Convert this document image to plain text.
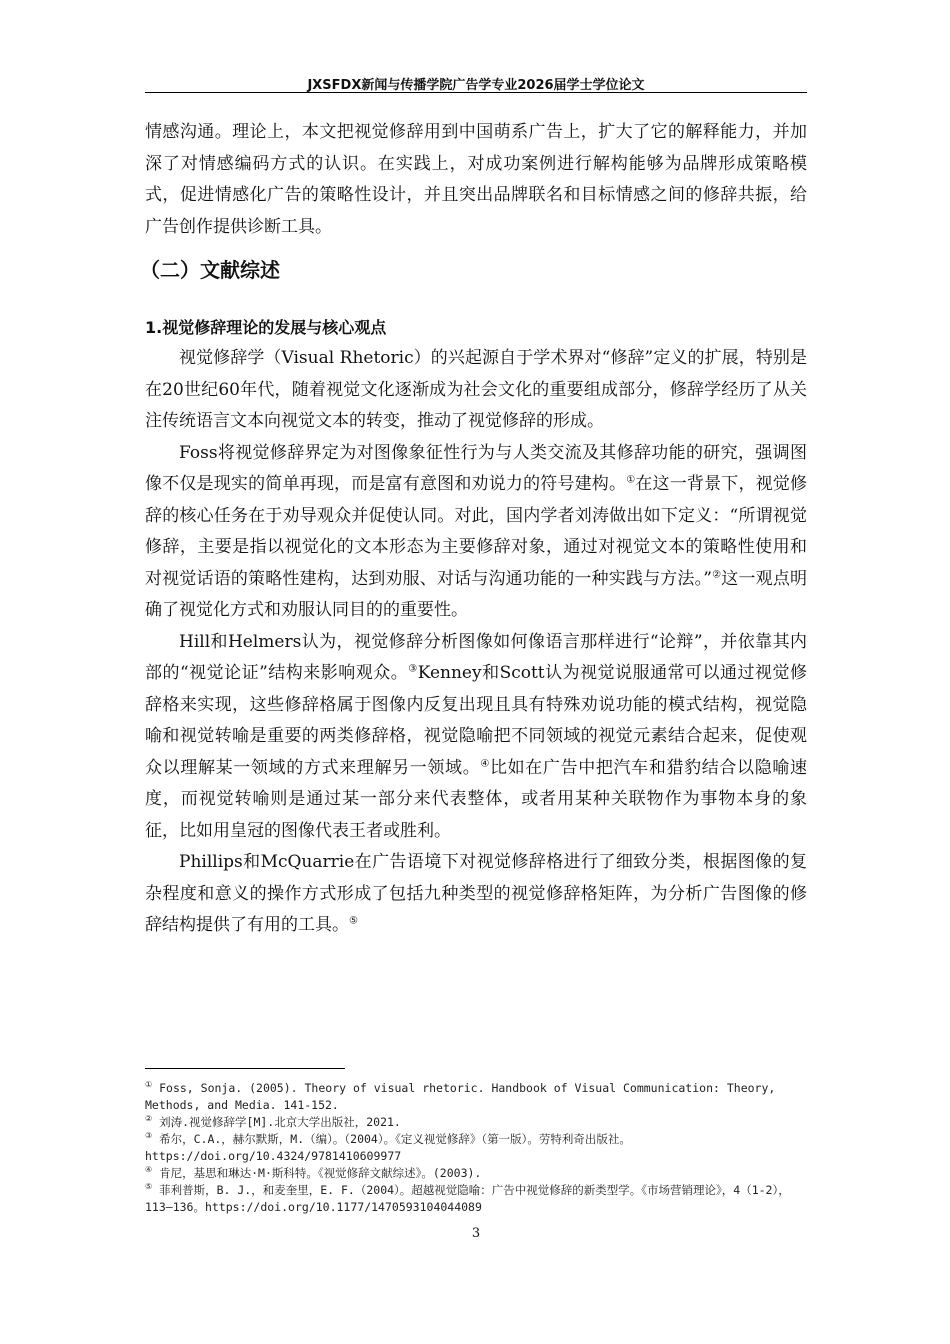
JXSFDX新闻与传播学院广告学专业2026届学士学位论文

情感沟通。理论上，本文把视觉修辞用到中国萌系广告上，扩大了它的解释能力，并加深了对情感编码方式的认识。在实践上，对成功案例进行解构能够为品牌形成策略模式，促进情感化广告的策略性设计，并且突出品牌联名和目标情感之间的修辞共振，给广告创作提供诊断工具。

（二）文献综述
1.视觉修辞理论的发展与核心观点

视觉修辞学（Visual Rhetoric）的兴起源自于学术界对“修辞”定义的扩展，特别是在20世纪60年代，随着视觉文化逐渐成为社会文化的重要组成部分，修辞学经历了从关注传统语言文本向视觉文本的转变，推动了视觉修辞的形成。

Foss将视觉修辞界定为对图像象征性行为与人类交流及其修辞功能的研究，强调图像不仅是现实的简单再现，而是富有意图和劝说力的符号建构。①在这一背景下，视觉修辞的核心任务在于劝导观众并促使认同。对此，国内学者刘涛做出如下定义：“所谓视觉修辞，主要是指以视觉化的文本形态为主要修辞对象，通过对视觉文本的策略性使用和对视觉话语的策略性建构，达到劝服、对话与沟通功能的一种实践与方法。”②这一观点明确了视觉化方式和劝服认同目的的重要性。

Hill和Helmers认为，视觉修辞分析图像如何像语言那样进行“论辩”，并依靠其内部的“视觉论证”结构来影响观众。③Kenney和Scott认为视觉说服通常可以通过视觉修辞格来实现，这些修辞格属于图像内反复出现且具有特殊劝说功能的模式结构，视觉隐喻和视觉转喻是重要的两类修辞格，视觉隐喻把不同领域的视觉元素结合起来，促使观众以理解某一领域的方式来理解另一领域。④比如在广告中把汽车和猎豹结合以隐喻速度，而视觉转喻则是通过某一部分来代表整体，或者用某种关联物作为事物本身的象征，比如用皇冠的图像代表王者或胜利。

Phillips和McQuarrie在广告语境下对视觉修辞格进行了细致分类，根据图像的复杂程度和意义的操作方式形成了包括九种类型的视觉修辞格矩阵，为分析广告图像的修辞结构提供了有用的工具。⑤

① Foss, Sonja. (2005). Theory of visual rhetoric. Handbook of Visual Communication: Theory, Methods, and Media. 141-152.

② 刘涛.视觉修辞学[M].北京大学出版社，2021.

③ 希尔，C.A.，赫尔默斯，M.（编）。（2004）。《定义视觉修辞》（第一版）。劳特利奇出版社。https://doi.org/10.4324/9781410609977

④ 肯尼，基思和琳达·M·斯科特。《视觉修辞文献综述》。(2003).

⑤ 菲利普斯，B. J.，和麦奎里，E. F.（2004）。超越视觉隐喻：广告中视觉修辞的新类型学。《市场营销理论》，4（1-2），113–136。https://doi.org/10.1177/1470593104044089

3
